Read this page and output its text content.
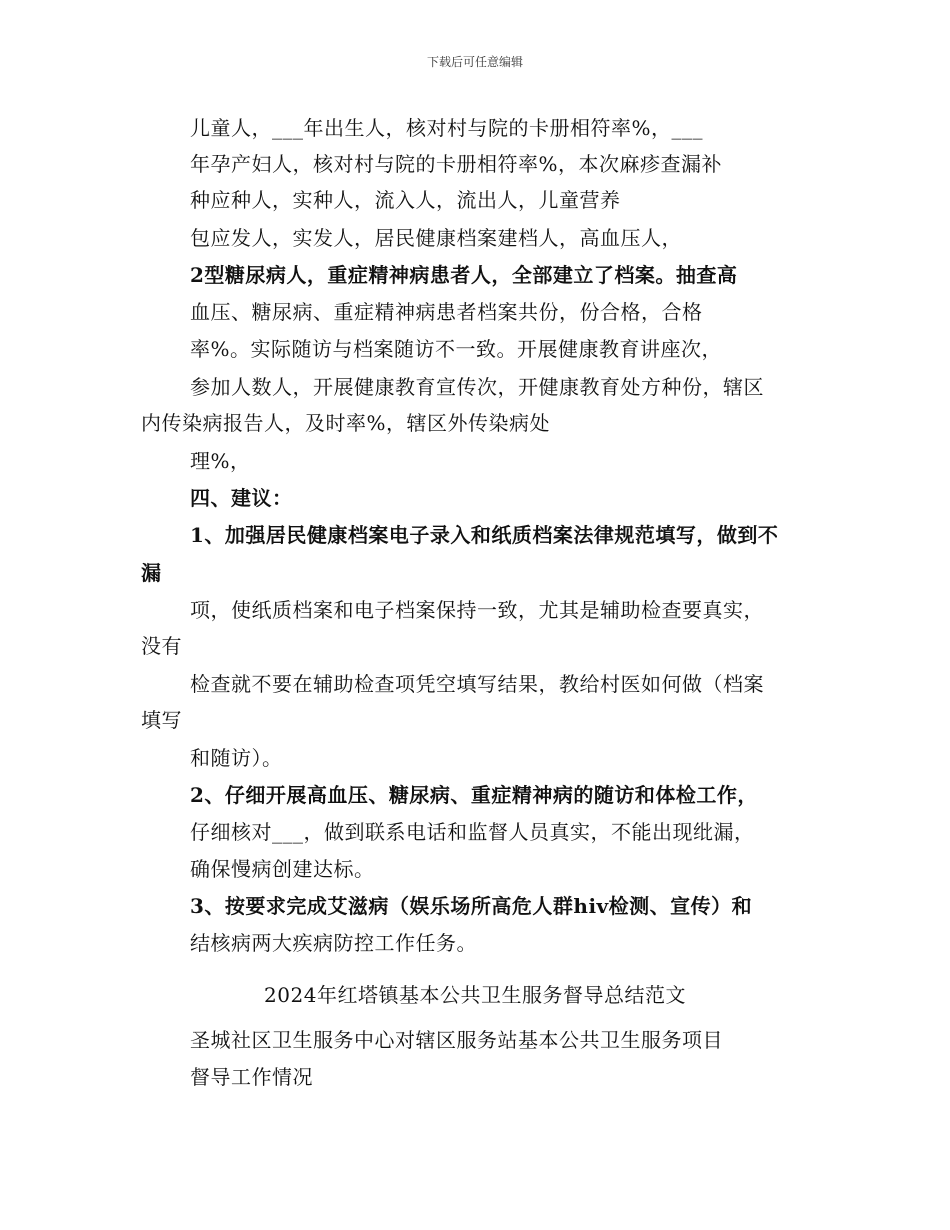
下载后可任意编辑
儿童人，___年出生人，核对村与院的卡册相符率%，___
年孕产妇人，核对村与院的卡册相符率%，本次麻疹查漏补
种应种人，实种人，流入人，流出人，儿童营养
包应发人，实发人，居民健康档案建档人，高血压人，
2型糖尿病人，重症精神病患者人，全部建立了档案。抽查高
血压、糖尿病、重症精神病患者档案共份，份合格，合格
率%。实际随访与档案随访不一致。开展健康教育讲座次，
参加人数人，开展健康教育宣传次，开健康教育处方种份，辖区
内传染病报告人，及时率%，辖区外传染病处
理%，
四、建议：
1、加强居民健康档案电子录入和纸质档案法律规范填写，做到不
漏
项，使纸质档案和电子档案保持一致，尤其是辅助检查要真实，
没有
检查就不要在辅助检查项凭空填写结果，教给村医如何做（档案
填写
和随访）。
2、仔细开展高血压、糖尿病、重症精神病的随访和体检工作，
仔细核对___，做到联系电话和监督人员真实，不能出现纰漏，
确保慢病创建达标。
3、按要求完成艾滋病（娱乐场所高危人群hiv检测、宣传）和
结核病两大疾病防控工作任务。
2024年红塔镇基本公共卫生服务督导总结范文
圣城社区卫生服务中心对辖区服务站基本公共卫生服务项目
督导工作情况
